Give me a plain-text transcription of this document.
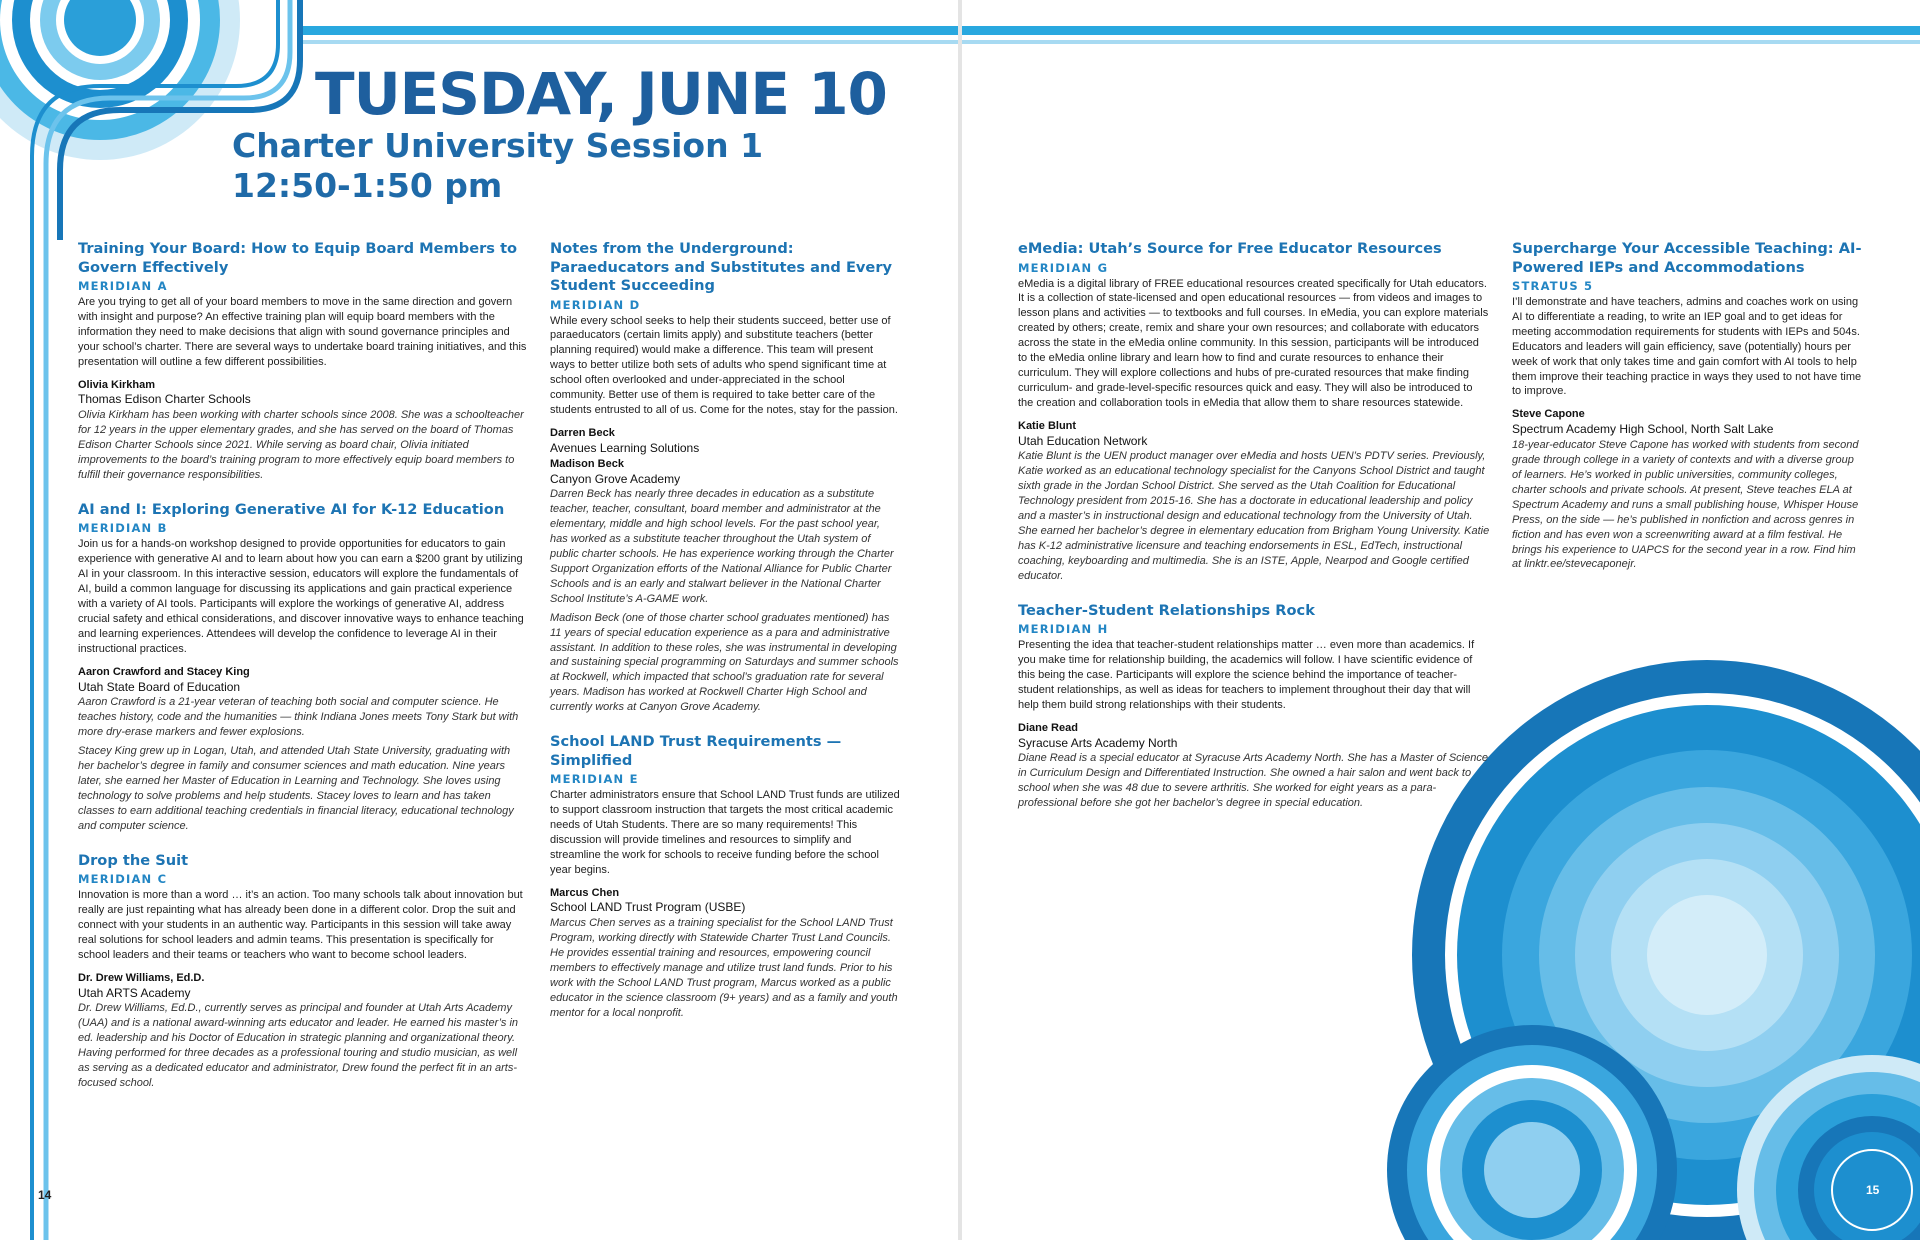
TUESDAY, JUNE 10
Charter University Session 1
12:50-1:50 pm

Training Your Board: How to Equip Board Members to Govern Effectively

MERIDIAN A

Are you trying to get all of your board members to move in the same direction and govern with insight and purpose? An effective training plan will equip board members with the information they need to make decisions that align with sound governance principles and your school’s charter. There are several ways to undertake board training initiatives, and this presentation will outline a few different possibilities.

Olivia Kirkham

Thomas Edison Charter Schools

Olivia Kirkham has been working with charter schools since 2008. She was a schoolteacher for 12 years in the upper elementary grades, and she has served on the board of Thomas Edison Charter Schools since 2021. While serving as board chair, Olivia initiated improvements to the board’s training program to more effectively equip board members to fulfill their governance responsibilities.

AI and I: Exploring Generative AI for K-12 Education

MERIDIAN B

Join us for a hands-on workshop designed to provide opportunities for educators to gain experience with generative AI and to learn about how you can earn a $200 grant by utilizing AI in your classroom. In this interactive session, educators will explore the fundamentals of AI, build a common language for discussing its applications and gain practical experience with a variety of AI tools. Participants will explore the workings of generative AI, address crucial safety and ethical considerations, and discover innovative ways to enhance teaching and learning experiences. Attendees will develop the confidence to leverage AI in their instructional practices.

Aaron Crawford and Stacey King

Utah State Board of Education

Aaron Crawford is a 21-year veteran of teaching both social and computer science. He teaches history, code and the humanities — think Indiana Jones meets Tony Stark but with more dry-erase markers and fewer explosions.

Stacey King grew up in Logan, Utah, and attended Utah State University, graduating with her bachelor’s degree in family and consumer sciences and math education. Nine years later, she earned her Master of Education in Learning and Technology. She loves using technology to solve problems and help students. Stacey loves to learn and has taken classes to earn additional teaching credentials in financial literacy, educational technology and computer science.

Drop the Suit

MERIDIAN C

Innovation is more than a word … it’s an action. Too many schools talk about innovation but really are just repainting what has already been done in a different color. Drop the suit and connect with your students in an authentic way. Participants in this session will take away real solutions for school leaders and admin teams. This presentation is specifically for school leaders and their teams or teachers who want to become school leaders.

Dr. Drew Williams, Ed.D.

Utah ARTS Academy

Dr. Drew Williams, Ed.D., currently serves as principal and founder at Utah Arts Academy (UAA) and is a national award-winning arts educator and leader. He earned his master’s in ed. leadership and his Doctor of Education in strategic planning and organizational theory. Having performed for three decades as a professional touring and studio musician, as well as serving as a dedicated educator and administrator, Drew found the perfect fit in an arts-focused school.

Notes from the Underground: Paraeducators and Substitutes and Every Student Succeeding

MERIDIAN D

While every school seeks to help their students succeed, better use of paraeducators (certain limits apply) and substitute teachers (better planning required) would make a difference. This team will present ways to better utilize both sets of adults who spend significant time at school often overlooked and under-appreciated in the school community. Better use of them is required to take better care of the students entrusted to all of us. Come for the notes, stay for the passion.

Darren Beck

Avenues Learning Solutions

Madison Beck

Canyon Grove Academy

Darren Beck has nearly three decades in education as a substitute teacher, teacher, consultant, board member and administrator at the elementary, middle and high school levels. For the past school year, has worked as a substitute teacher throughout the Utah system of public charter schools. He has experience working through the Charter Support Organization efforts of the National Alliance for Public Charter Schools and is an early and stalwart believer in the National Charter School Institute’s A-GAME work.

Madison Beck (one of those charter school graduates mentioned) has 11 years of special education experience as a para and administrative assistant. In addition to these roles, she was instrumental in developing and sustaining special programming on Saturdays and summer schools at Rockwell, which impacted that school’s graduation rate for several years. Madison has worked at Rockwell Charter High School and currently works at Canyon Grove Academy.

School LAND Trust Requirements — Simplified

MERIDIAN E

Charter administrators ensure that School LAND Trust funds are utilized to support classroom instruction that targets the most critical academic needs of Utah Students. There are so many requirements! This discussion will provide timelines and resources to simplify and streamline the work for schools to receive funding before the school year begins.

Marcus Chen

School LAND Trust Program (USBE)

Marcus Chen serves as a training specialist for the School LAND Trust Program, working directly with Statewide Charter Trust Land Councils. He provides essential training and resources, empowering council members to effectively manage and utilize trust land funds. Prior to his work with the School LAND Trust program, Marcus worked as a public educator in the science classroom (9+ years) and as a family and youth mentor for a local nonprofit.

14

eMedia: Utah’s Source for Free Educator Resources

MERIDIAN G

eMedia is a digital library of FREE educational resources created specifically for Utah educators. It is a collection of state-licensed and open educational resources — from videos and images to lesson plans and activities — to textbooks and full courses. In eMedia, you can explore materials created by others; create, remix and share your own resources; and collaborate with educators across the state in the eMedia online community. In this session, participants will be introduced to the eMedia online library and learn how to find and curate resources to enhance their curriculum. They will explore collections and hubs of pre-curated resources that make finding curriculum- and grade-level-specific resources quick and easy. They will also be introduced to the creation and collaboration tools in eMedia that allow them to share resources statewide.

Katie Blunt

Utah Education Network

Katie Blunt is the UEN product manager over eMedia and hosts UEN’s PDTV series. Previously, Katie worked as an educational technology specialist for the Canyons School District and taught sixth grade in the Jordan School District. She served as the Utah Coalition for Educational Technology president from 2015-16. She has a doctorate in educational leadership and policy and a master’s in instructional design and educational technology from the University of Utah. She earned her bachelor’s degree in elementary education from Brigham Young University. Katie has K-12 administrative licensure and teaching endorsements in ESL, EdTech, instructional coaching, keyboarding and multimedia. She is an ISTE, Apple, Nearpod and Google certified educator.

Teacher-Student Relationships Rock

MERIDIAN H

Presenting the idea that teacher-student relationships matter … even more than academics. If you make time for relationship building, the academics will follow. I have scientific evidence of this being the case. Participants will explore the science behind the importance of teacher-student relationships, as well as ideas for teachers to implement throughout their day that will help them build strong relationships with their students.

Diane Read

Syracuse Arts Academy North

Diane Read is a special educator at Syracuse Arts Academy North. She has a Master of Science in Curriculum Design and Differentiated Instruction. She owned a hair salon and went back to school when she was 48 due to severe arthritis. She worked for eight years as a para-professional before she got her bachelor’s degree in special education.

Supercharge Your Accessible Teaching: AI-Powered IEPs and Accommodations

STRATUS 5

I’ll demonstrate and have teachers, admins and coaches work on using AI to differentiate a reading, to write an IEP goal and to get ideas for meeting accommodation requirements for students with IEPs and 504s. Educators and leaders will gain efficiency, save (potentially) hours per week of work that only takes time and gain comfort with AI tools to help them improve their teaching practice in ways they used to not have time to improve.

Steve Capone

Spectrum Academy High School, North Salt Lake

18-year-educator Steve Capone has worked with students from second grade through college in a variety of contexts and with a diverse group of learners. He’s worked in public universities, community colleges, charter schools and private schools. At present, Steve teaches ELA at Spectrum Academy and runs a small publishing house, Whisper House Press, on the side — he’s published in nonfiction and across genres in fiction and has even won a screenwriting award at a film festival. He brings his experience to UAPCS for the second year in a row. Find him at linktr.ee/stevecaponejr.

15
